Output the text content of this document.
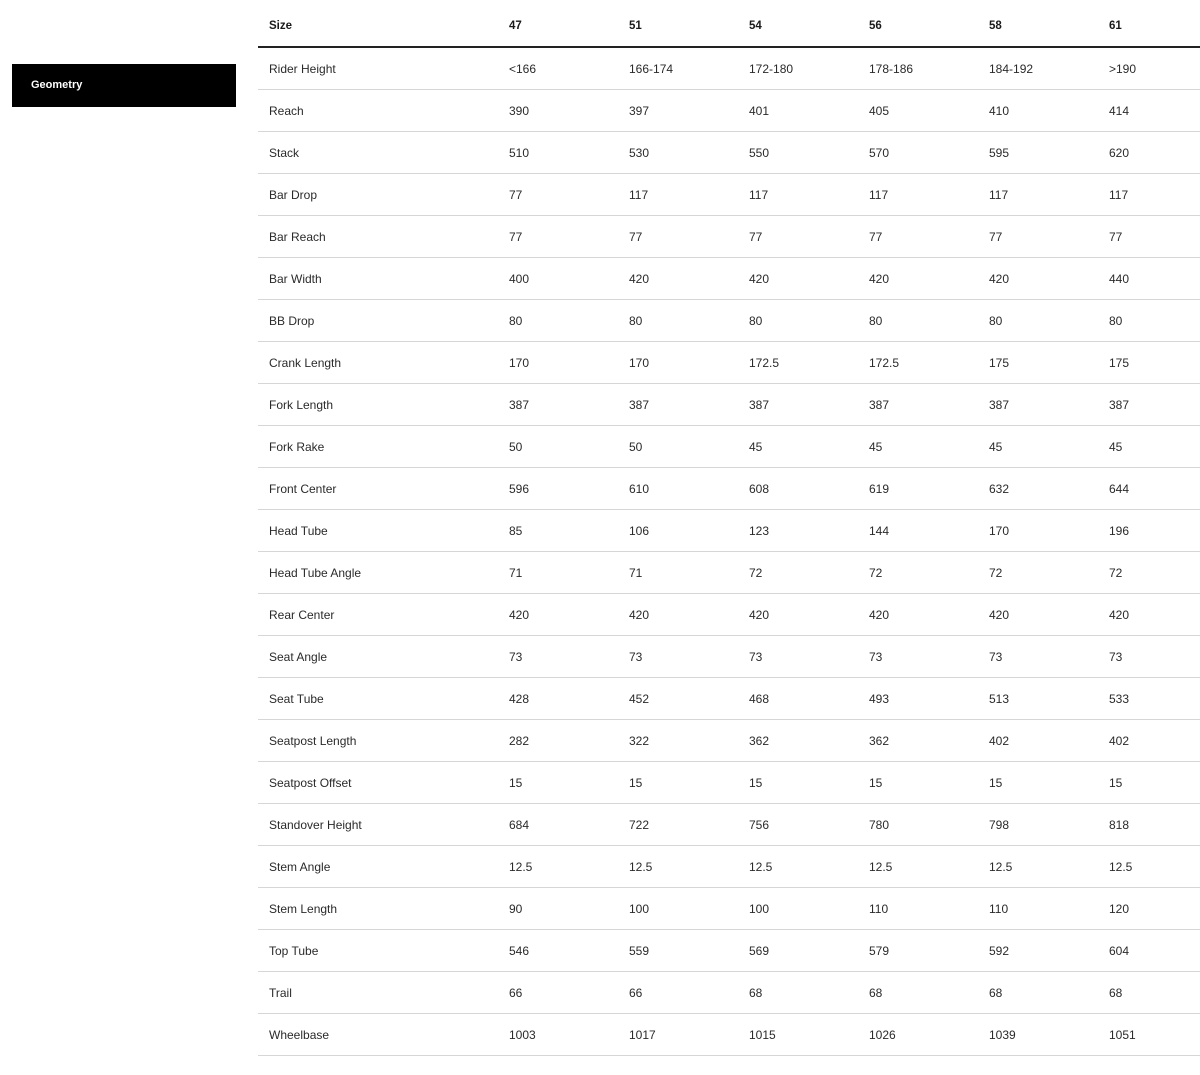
Geometry
Size	47	51	54	56	58	61
Rider Height	<166	166-174	172-180	178-186	184-192	>190
Reach	390	397	401	405	410	414
Stack	510	530	550	570	595	620
Bar Drop	77	117	117	117	117	117
Bar Reach	77	77	77	77	77	77
Bar Width	400	420	420	420	420	440
BB Drop	80	80	80	80	80	80
Crank Length	170	170	172.5	172.5	175	175
Fork Length	387	387	387	387	387	387
Fork Rake	50	50	45	45	45	45
Front Center	596	610	608	619	632	644
Head Tube	85	106	123	144	170	196
Head Tube Angle	71	71	72	72	72	72
Rear Center	420	420	420	420	420	420
Seat Angle	73	73	73	73	73	73
Seat Tube	428	452	468	493	513	533
Seatpost Length	282	322	362	362	402	402
Seatpost Offset	15	15	15	15	15	15
Standover Height	684	722	756	780	798	818
Stem Angle	12.5	12.5	12.5	12.5	12.5	12.5
Stem Length	90	100	100	110	110	120
Top Tube	546	559	569	579	592	604
Trail	66	66	68	68	68	68
Wheelbase	1003	1017	1015	1026	1039	1051
